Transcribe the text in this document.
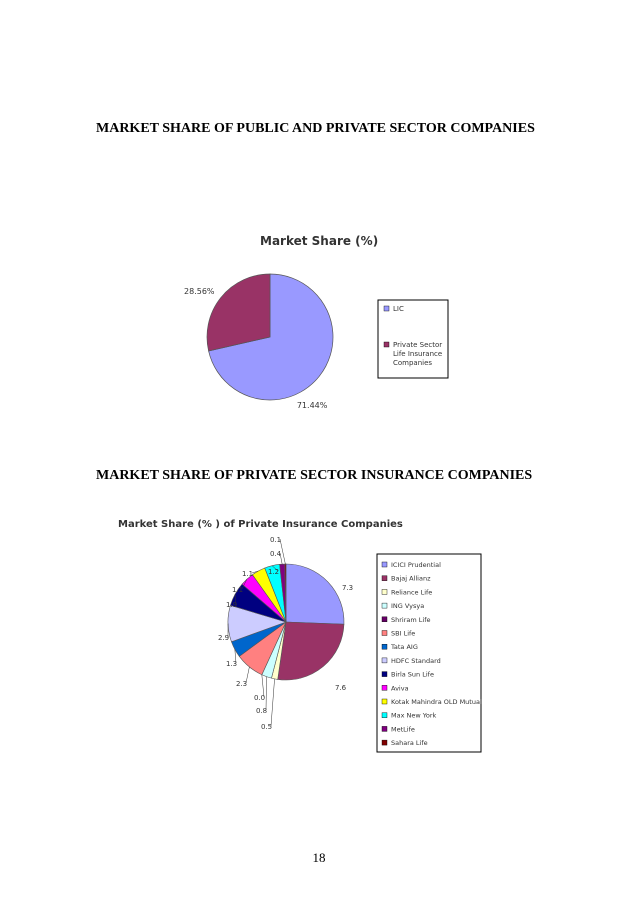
MARKET SHARE OF PUBLIC AND PRIVATE SECTOR COMPANIES

Market Share (%)
71.44%
28.56%
LIC
Private Sector Life Insurance Companies

MARKET SHARE OF PRIVATE SECTOR INSURANCE COMPANIES

Market Share (% ) of Private Insurance Companies
7.3
7.6
0.5
0.8
0.0
2.3
1.3
2.9
1.9
1.1
1.1 1.2
0.4
0.1
ICICI Prudential
Bajaj Allianz
Reliance Life
ING Vysya
Shriram Life
SBI Life
Tata AIG
HDFC Standard
Birla Sun Life
Aviva
Kotak Mahindra OLD Mutual
Max New York
MetLife
Sahara Life
18
